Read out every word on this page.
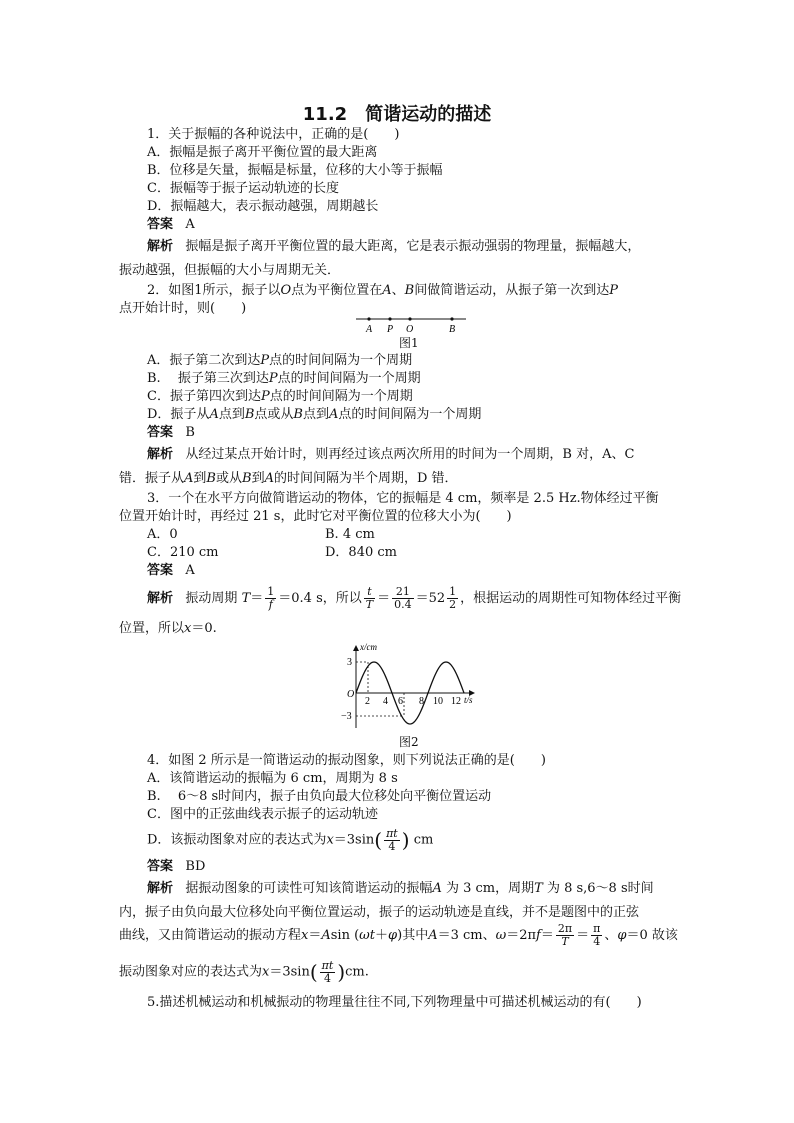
11.2　简谐运动的描述
1．关于振幅的各种说法中，正确的是(　　)
A．振幅是振子离开平衡位置的最大距离
B．位移是矢量，振幅是标量，位移的大小等于振幅
C．振幅等于振子运动轨迹的长度
D．振幅越大，表示振动越强，周期越长
答案 A
解析 振幅是振子离开平衡位置的最大距离，它是表示振动强弱的物理量，振幅越大，
振动越强，但振幅的大小与周期无关．
2．如图1所示，振子以O点为平衡位置在A、B间做简谐运动，从振子第一次到达P
点开始计时，则(　　)
A P O	B
图1
A．振子第二次到达P点的时间间隔为一个周期
B.　 振子第三次到达P点的时间间隔为一个周期
C．振子第四次到达P点的时间间隔为一个周期
D．振子从A点到B点或从B点到A点的时间间隔为一个周期
答案 B
解析 从经过某点开始计时，则再经过该点两次所用的时间为一个周期，B 对，A、C
错．振子从A到B或从B到A的时间间隔为半个周期，D 错．
3．一个在水平方向做简谐运动的物体，它的振幅是 4 cm，频率是 2.5 Hz.物体经过平衡
位置开始计时，再经过 21 s，此时它对平衡位置的位移大小为(　　)
A．0	B. 4 cm
C．210 cm	D．840 cm
答案 A
解析 振动周期 $T= \frac{1}{f} =0.4$ s，所以 $\frac{t}{T} = \frac{21}{0.4} =52 \frac{1}{2}$ ，根据运动的周期性可知物体经过平衡
位置，所以x＝0.
x/cm
t/s
O
3
−3
2 4 6 8 10 12
图2
4．如图 2 所示是一简谐运动的振动图象，则下列说法正确的是(　　)
A．该简谐运动的振幅为 6 cm，周期为 8 s
B.　 6～8 s时间内，振子由负向最大位移处向平衡位置运动
C．图中的正弦曲线表示振子的运动轨迹
D．该振动图象对应的表达式为$x=3\sin( \frac{\pi t}{4}$ ) cm
答案 BD
解析 据振动图象的可读性可知该简谐运动的振幅A 为 3 cm，周期T 为 8 s,6～8 s时间
内，振子由负向最大位移处向平衡位置运动，振子的运动轨迹是直线，并不是题图中的正弦
曲线，又由简谐运动的振动方程x＝Asin (ωt＋φ)其中A＝3 cm、$\omega=2\pi f= \frac{2\pi}{T} = \frac{\pi}{4}$ 、φ＝0 故该
振动图象对应的表达式为$x=3\sin( \frac{\pi t}{4} )cm$.
5.描述机械运动和机械振动的物理量往往不同,下列物理量中可描述机械运动的有(　　)
